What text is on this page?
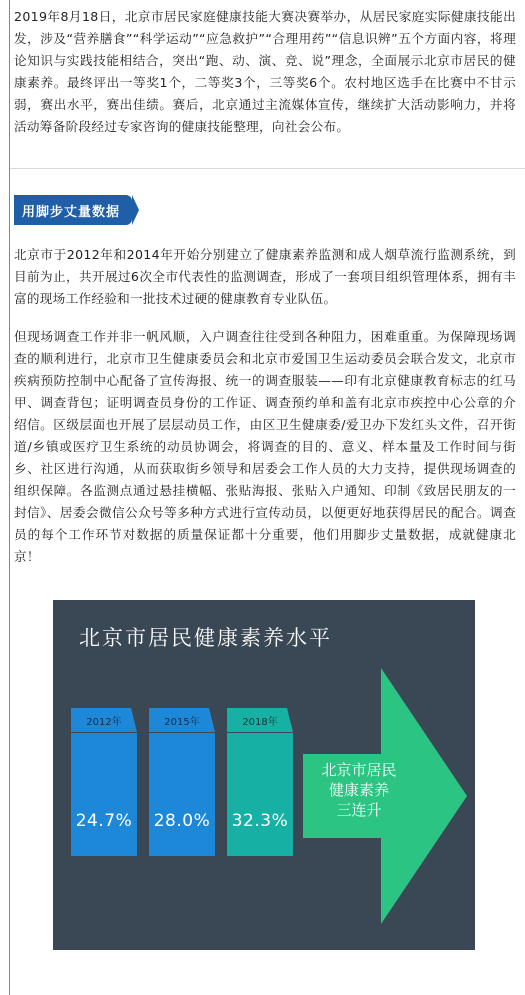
2019年8月18日，北京市居民家庭健康技能大赛决赛举办，从居民家庭实际健康技能出发，涉及“营养膳食”“科学运动”“应急救护”“合理用药”“信息识辨”五个方面内容，将理论知识与实践技能相结合，突出“跑、动、演、竞、说”理念，全面展示北京市居民的健康素养。最终评出一等奖1个，二等奖3个，三等奖6个。农村地区选手在比赛中不甘示弱，赛出水平，赛出佳绩。赛后，北京通过主流媒体宣传，继续扩大活动影响力，并将活动筹备阶段经过专家咨询的健康技能整理，向社会公布。

用脚步丈量数据

北京市于2012年和2014年开始分别建立了健康素养监测和成人烟草流行监测系统，到目前为止，共开展过6次全市代表性的监测调查，形成了一套项目组织管理体系，拥有丰富的现场工作经验和一批技术过硬的健康教育专业队伍。

但现场调查工作并非一帆风顺，入户调查往往受到各种阻力，困难重重。为保障现场调查的顺利进行，北京市卫生健康委员会和北京市爱国卫生运动委员会联合发文，北京市疾病预防控制中心配备了宣传海报、统一的调查服装——印有北京健康教育标志的红马甲、调查背包；证明调查员身份的工作证、调查预约单和盖有北京市疾控中心公章的介绍信。区级层面也开展了层层动员工作，由区卫生健康委/爱卫办下发红头文件，召开街道/乡镇或医疗卫生系统的动员协调会，将调查的目的、意义、样本量及工作时间与街乡、社区进行沟通，从而获取街乡领导和居委会工作人员的大力支持，提供现场调查的组织保障。各监测点通过悬挂横幅、张贴海报、张贴入户通知、印制《致居民朋友的一封信》、居委会微信公众号等多种方式进行宣传动员，以便更好地获得居民的配合。调查员的每个工作环节对数据的质量保证都十分重要，他们用脚步丈量数据，成就健康北京！

北京市居民健康素养水平
2012年
24.7%
2015年
28.0%
2018年
32.3%
北京市居民
健康素养
三连升
